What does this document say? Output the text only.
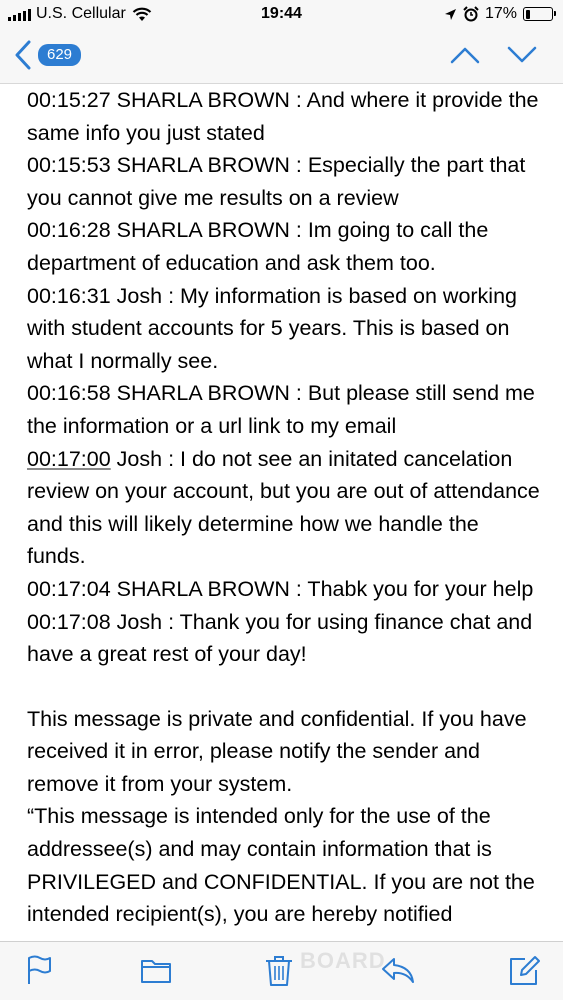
U.S. Cellular	19:44	17%
629

00:15:27 SHARLA BROWN : And where it provide the same info you just stated

00:15:53 SHARLA BROWN : Especially the part that you cannot give me results on a review

00:16:28 SHARLA BROWN : Im going to call the department of education and ask them too.

00:16:31 Josh : My information is based on working with student accounts for 5 years. This is based on what I normally see.

00:16:58 SHARLA BROWN : But please still send me the information or a url link to my email

00:17:00 Josh : I do not see an initated cancelation review on your account, but you are out of attendance and this will likely determine how we handle the funds.

00:17:04 SHARLA BROWN : Thabk you for your help

00:17:08 Josh : Thank you for using finance chat and have a great rest of your day!

This message is private and confidential. If you have received it in error, please notify the sender and remove it from your system.

“This message is intended only for the use of the addressee(s) and may contain information that is PRIVILEGED and CONFIDENTIAL. If you are not the intended recipient(s), you are hereby notified

BOARD
